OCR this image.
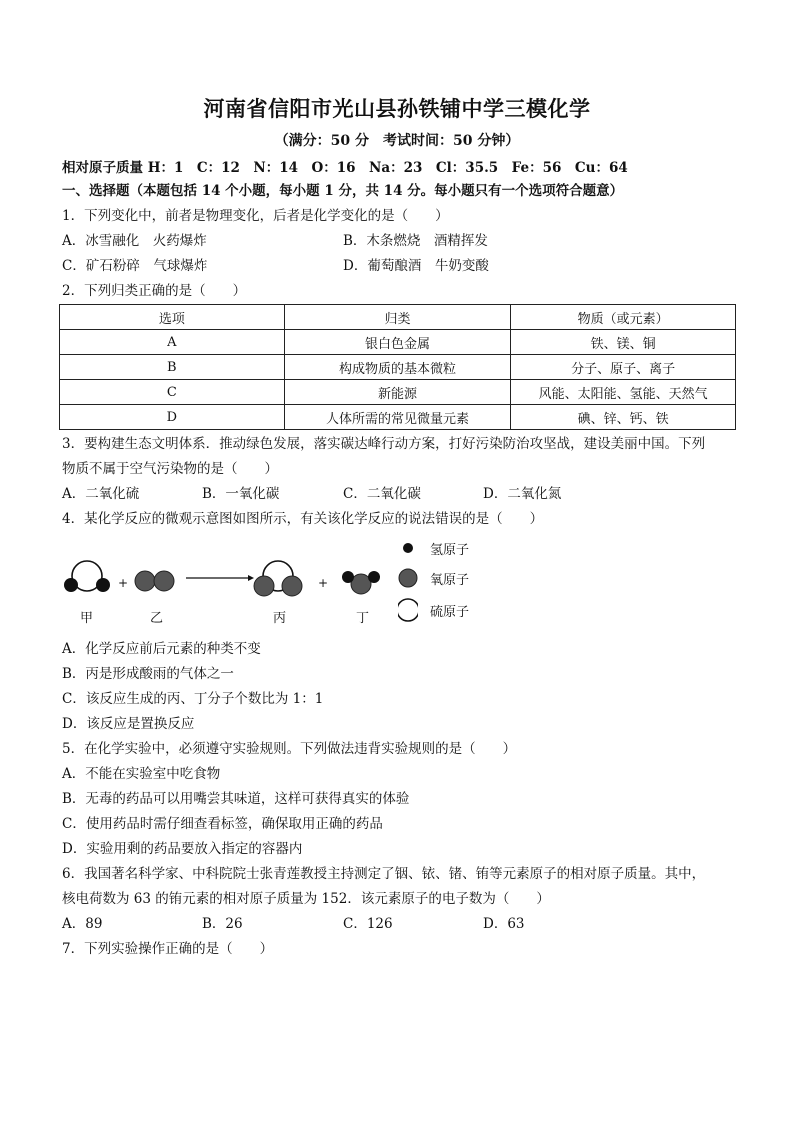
河南省信阳市光山县孙铁铺中学三模化学
（满分：50 分　考试时间：50 分钟）
相对原子质量 H：1　C：12　N：14　O：16　Na：23　Cl：35.5　Fe：56　Cu：64
一、选择题（本题包括 14 个小题，每小题 1 分，共 14 分。每小题只有一个选项符合题意）
1．下列变化中，前者是物理变化，后者是化学变化的是（　　）
A．冰雪融化　火药爆炸	B．木条燃烧　酒精挥发
C．矿石粉碎　气球爆炸	D．葡萄酿酒　牛奶变酸
2．下列归类正确的是（　　）
选项	归类	物质（或元素）
A	银白色金属	铁、镁、铜
B	构成物质的基本微粒	分子、原子、离子
C	新能源	风能、太阳能、氢能、天然气
D	人体所需的常见微量元素	碘、锌、钙、铁
3．要构建生态文明体系．推动绿色发展，落实碳达峰行动方案，打好污染防治攻坚战，建设美丽中国。下列
物质不属于空气污染物的是（　　）
A．二氧化硫	B．一氧化碳	C．二氧化碳	D．二氧化氮
4．某化学反应的微观示意图如图所示，有关该化学反应的说法错误的是（　　）
+	+
甲	乙	丙	丁
氢原子
氧原子
硫原子
A．化学反应前后元素的种类不变
B．丙是形成酸雨的气体之一
C．该反应生成的丙、丁分子个数比为 1：1
D．该反应是置换反应
5．在化学实验中，必须遵守实验规则。下列做法违背实验规则的是（　　）
A．不能在实验室中吃食物
B．无毒的药品可以用嘴尝其味道，这样可获得真实的体验
C．使用药品时需仔细查看标签，确保取用正确的药品
D．实验用剩的药品要放入指定的容器内
6．我国著名科学家、中科院院士张青莲教授主持测定了铟、铱、锗、铕等元素原子的相对原子质量。其中，
核电荷数为 63 的铕元素的相对原子质量为 152．该元素原子的电子数为（　　）
A．89	B．26	C．126	D．63
7．下列实验操作正确的是（　　）
